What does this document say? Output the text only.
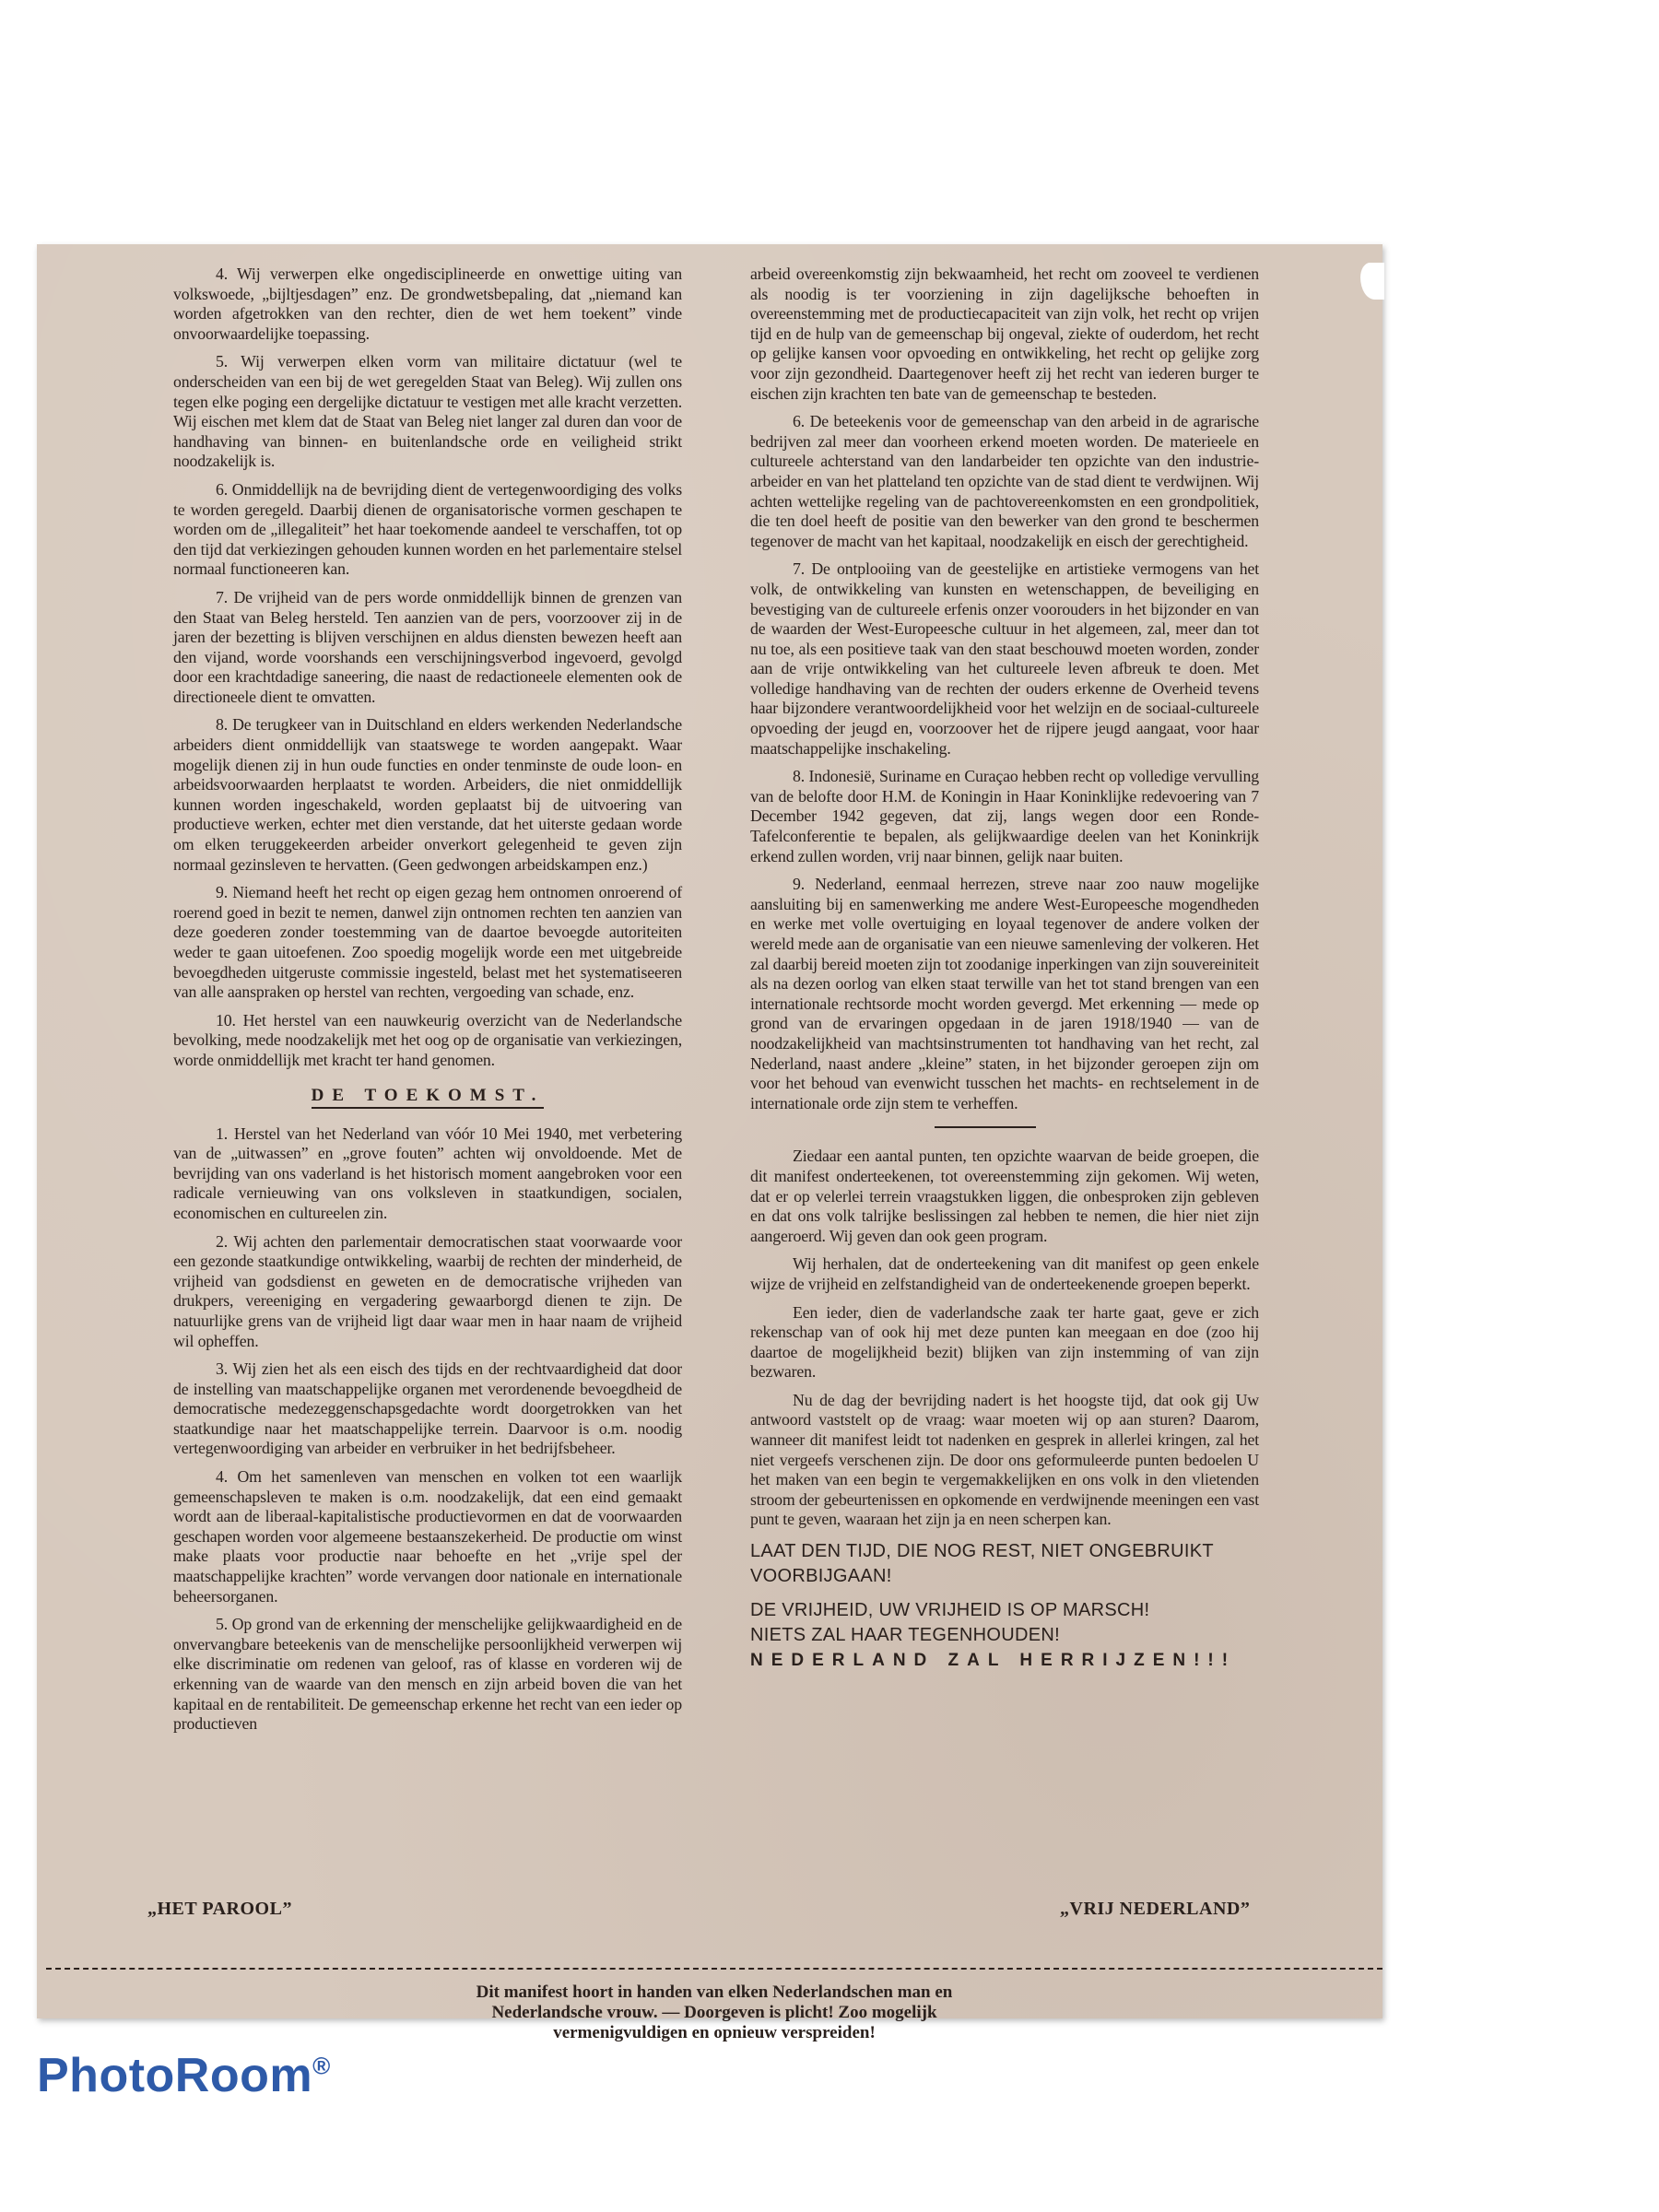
4. Wij verwerpen elke ongedisciplineerde en onwettige uiting van volkswoede, „bijltjesdagen” enz. De grondwetsbepaling, dat „niemand kan worden afgetrokken van den rechter, dien de wet hem toekent” vinde onvoorwaardelijke toepassing.

5. Wij verwerpen elken vorm van militaire dictatuur (wel te onderscheiden van een bij de wet geregelden Staat van Beleg). Wij zullen ons tegen elke poging een dergelijke dictatuur te vestigen met alle kracht verzetten. Wij eischen met klem dat de Staat van Beleg niet langer zal duren dan voor de handhaving van binnen- en buitenlandsche orde en veiligheid strikt noodzakelijk is.

6. Onmiddellijk na de bevrijding dient de vertegenwoordiging des volks te worden geregeld. Daarbij dienen de organisatorische vormen geschapen te worden om de „illegaliteit” het haar toekomende aandeel te verschaffen, tot op den tijd dat verkiezingen gehouden kunnen worden en het parlementaire stelsel normaal functioneeren kan.

7. De vrijheid van de pers worde onmiddellijk binnen de grenzen van den Staat van Beleg hersteld. Ten aanzien van de pers, voorzoover zij in de jaren der bezetting is blijven verschijnen en aldus diensten bewezen heeft aan den vijand, worde voorshands een verschijningsverbod ingevoerd, gevolgd door een krachtdadige saneering, die naast de redactioneele elementen ook de directioneele dient te omvatten.

8. De terugkeer van in Duitschland en elders werkenden Nederlandsche arbeiders dient onmiddellijk van staatswege te worden aangepakt. Waar mogelijk dienen zij in hun oude functies en onder tenminste de oude loon- en arbeidsvoorwaarden herplaatst te worden. Arbeiders, die niet onmiddellijk kunnen worden ingeschakeld, worden geplaatst bij de uitvoering van productieve werken, echter met dien verstande, dat het uiterste gedaan worde om elken teruggekeerden arbeider onverkort gelegenheid te geven zijn normaal gezinsleven te hervatten. (Geen gedwongen arbeidskampen enz.)

9. Niemand heeft het recht op eigen gezag hem ontnomen onroerend of roerend goed in bezit te nemen, danwel zijn ontnomen rechten ten aanzien van deze goederen zonder toestemming van de daartoe bevoegde autoriteiten weder te gaan uitoefenen. Zoo spoedig mogelijk worde een met uitgebreide bevoegdheden uitgeruste commissie ingesteld, belast met het systematiseeren van alle aanspraken op herstel van rechten, vergoeding van schade, enz.

10. Het herstel van een nauwkeurig overzicht van de Nederlandsche bevolking, mede noodzakelijk met het oog op de organisatie van verkiezingen, worde onmiddellijk met kracht ter hand genomen.

DE TOEKOMST.

1. Herstel van het Nederland van vóór 10 Mei 1940, met verbetering van de „uitwassen” en „grove fouten” achten wij onvoldoende. Met de bevrijding van ons vaderland is het historisch moment aangebroken voor een radicale vernieuwing van ons volksleven in staatkundigen, socialen, economischen en cultureelen zin.

2. Wij achten den parlementair democratischen staat voorwaarde voor een gezonde staatkundige ontwikkeling, waarbij de rechten der minderheid, de vrijheid van godsdienst en geweten en de democratische vrijheden van drukpers, vereeniging en vergadering gewaarborgd dienen te zijn. De natuurlijke grens van de vrijheid ligt daar waar men in haar naam de vrijheid wil opheffen.

3. Wij zien het als een eisch des tijds en der rechtvaardigheid dat door de instelling van maatschappelijke organen met verordenende bevoegdheid de democratische medezeggenschapsgedachte wordt doorgetrokken van het staatkundige naar het maatschappelijke terrein. Daarvoor is o.m. noodig vertegenwoordiging van arbeider en verbruiker in het bedrijfsbeheer.

4. Om het samenleven van menschen en volken tot een waarlijk gemeenschapsleven te maken is o.m. noodzakelijk, dat een eind gemaakt wordt aan de liberaal-kapitalistische productievormen en dat de voorwaarden geschapen worden voor algemeene bestaanszekerheid. De productie om winst make plaats voor productie naar behoefte en het „vrije spel der maatschappelijke krachten” worde vervangen door nationale en internationale beheersorganen.

5. Op grond van de erkenning der menschelijke gelijkwaardigheid en de onvervangbare beteekenis van de menschelijke persoonlijkheid verwerpen wij elke discriminatie om redenen van geloof, ras of klasse en vorderen wij de erkenning van de waarde van den mensch en zijn arbeid boven die van het kapitaal en de rentabiliteit. De gemeenschap erkenne het recht van een ieder op productieven

arbeid overeenkomstig zijn bekwaamheid, het recht om zooveel te verdienen als noodig is ter voorziening in zijn dagelijksche behoeften in overeenstemming met de productiecapaciteit van zijn volk, het recht op vrijen tijd en de hulp van de gemeenschap bij ongeval, ziekte of ouderdom, het recht op gelijke kansen voor opvoeding en ontwikkeling, het recht op gelijke zorg voor zijn gezondheid. Daartegenover heeft zij het recht van iederen burger te eischen zijn krachten ten bate van de gemeenschap te besteden.

6. De beteekenis voor de gemeenschap van den arbeid in de agrarische bedrijven zal meer dan voorheen erkend moeten worden. De materieele en cultureele achterstand van den landarbeider ten opzichte van den industrie-arbeider en van het platteland ten opzichte van de stad dient te verdwijnen. Wij achten wettelijke regeling van de pachtovereenkomsten en een grondpolitiek, die ten doel heeft de positie van den bewerker van den grond te beschermen tegenover de macht van het kapitaal, noodzakelijk en eisch der gerechtigheid.

7. De ontplooiing van de geestelijke en artistieke vermogens van het volk, de ontwikkeling van kunsten en wetenschappen, de beveiliging en bevestiging van de cultureele erfenis onzer voorouders in het bijzonder en van de waarden der West-Europeesche cultuur in het algemeen, zal, meer dan tot nu toe, als een positieve taak van den staat beschouwd moeten worden, zonder aan de vrije ontwikkeling van het cultureele leven afbreuk te doen. Met volledige handhaving van de rechten der ouders erkenne de Overheid tevens haar bijzondere verantwoordelijkheid voor het welzijn en de sociaal-cultureele opvoeding der jeugd en, voorzoover het de rijpere jeugd aangaat, voor haar maatschappelijke inschakeling.

8. Indonesië, Suriname en Curaçao hebben recht op volledige vervulling van de belofte door H.M. de Koningin in Haar Koninklijke redevoering van 7 December 1942 gegeven, dat zij, langs wegen door een Ronde-Tafelconferentie te bepalen, als gelijkwaardige deelen van het Koninkrijk erkend zullen worden, vrij naar binnen, gelijk naar buiten.

9. Nederland, eenmaal herrezen, streve naar zoo nauw mogelijke aansluiting bij en samenwerking me andere West-Europeesche mogendheden en werke met volle overtuiging en loyaal tegenover de andere volken der wereld mede aan de organisatie van een nieuwe samenleving der volkeren. Het zal daarbij bereid moeten zijn tot zoodanige inperkingen van zijn souvereiniteit als na dezen oorlog van elken staat terwille van het tot stand brengen van een internationale rechtsorde mocht worden gevergd. Met erkenning — mede op grond van de ervaringen opgedaan in de jaren 1918/1940 — van de noodzakelijkheid van machtsinstrumenten tot handhaving van het recht, zal Nederland, naast andere „kleine” staten, in het bijzonder geroepen zijn om voor het behoud van evenwicht tusschen het machts- en rechtselement in de internationale orde zijn stem te verheffen.

Ziedaar een aantal punten, ten opzichte waarvan de beide groepen, die dit manifest onderteekenen, tot overeenstemming zijn gekomen. Wij weten, dat er op velerlei terrein vraagstukken liggen, die onbesproken zijn gebleven en dat ons volk talrijke beslissingen zal hebben te nemen, die hier niet zijn aangeroerd. Wij geven dan ook geen program.

Wij herhalen, dat de onderteekening van dit manifest op geen enkele wijze de vrijheid en zelfstandigheid van de onderteekenende groepen beperkt.

Een ieder, dien de vaderlandsche zaak ter harte gaat, geve er zich rekenschap van of ook hij met deze punten kan meegaan en doe (zoo hij daartoe de mogelijkheid bezit) blijken van zijn instemming of van zijn bezwaren.

Nu de dag der bevrijding nadert is het hoogste tijd, dat ook gij Uw antwoord vaststelt op de vraag: waar moeten wij op aan sturen? Daarom, wanneer dit manifest leidt tot nadenken en gesprek in allerlei kringen, zal het niet vergeefs verschenen zijn. De door ons geformuleerde punten bedoelen U het maken van een begin te vergemakkelijken en ons volk in den vlietenden stroom der gebeurtenissen en opkomende en verdwijnende meeningen een vast punt te geven, waaraan het zijn ja en neen scherpen kan.

LAAT DEN TIJD, DIE NOG REST, NIET ONGEBRUIKT VOORBIJGAAN!

DE VRIJHEID, UW VRIJHEID IS OP MARSCH!

NIETS ZAL HAAR TEGENHOUDEN!

NEDERLAND ZAL HERRIJZEN!!!

„HET PAROOL”	„VRIJ NEDERLAND”
Dit manifest hoort in handen van elken Nederlandschen man en
Nederlandsche vrouw. — Doorgeven is plicht! Zoo mogelijk
vermenigvuldigen en opnieuw verspreiden!
PhotoRoom®
